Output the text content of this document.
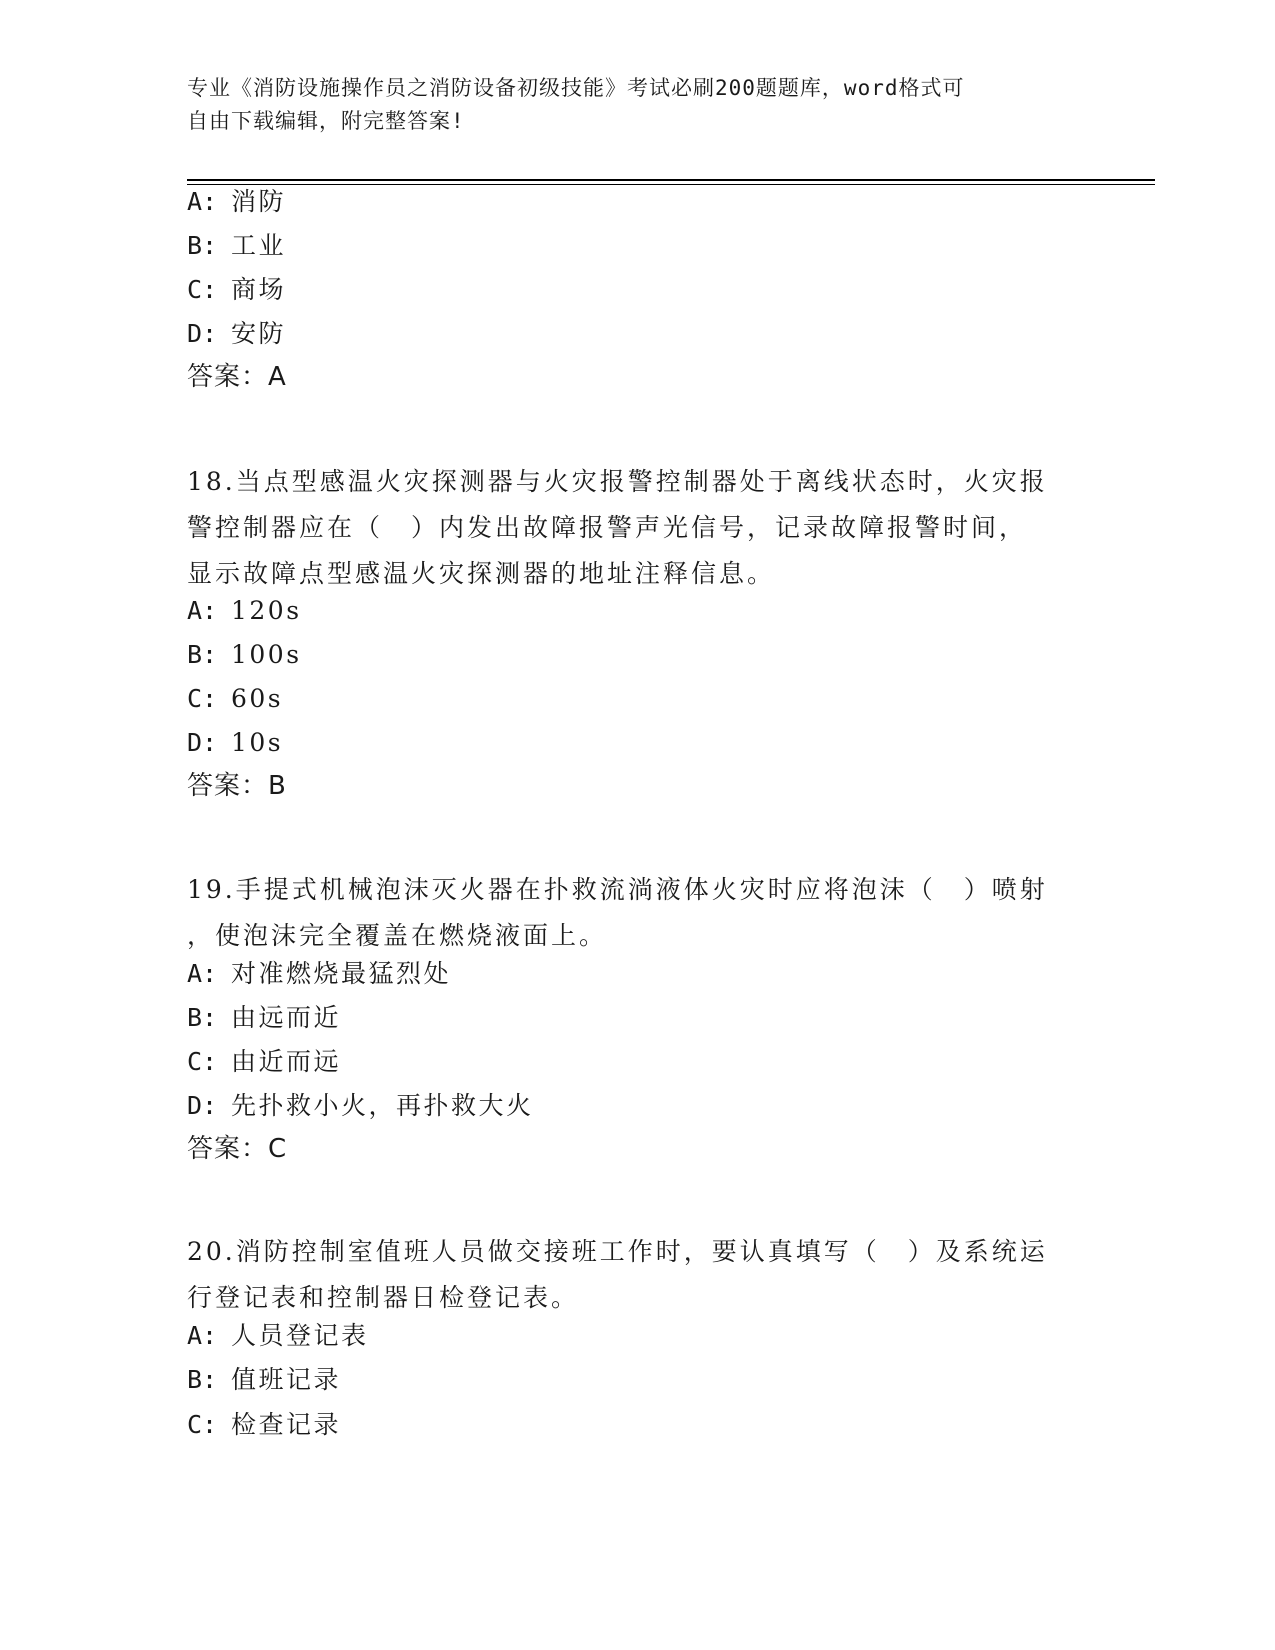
专业《消防设施操作员之消防设备初级技能》考试必刷200题题库，word格式可
自由下载编辑，附完整答案!
A: 消防
B: 工业
C: 商场
D: 安防
答案：A
18.当点型感温火灾探测器与火灾报警控制器处于离线状态时，火灾报
警控制器应在（　）内发出故障报警声光信号，记录故障报警时间，
显示故障点型感温火灾探测器的地址注释信息。
A: 120s
B: 100s
C: 60s
D: 10s
答案：B
19.手提式机械泡沫灭火器在扑救流淌液体火灾时应将泡沫（　）喷射
，使泡沫完全覆盖在燃烧液面上。
A: 对准燃烧最猛烈处
B: 由远而近
C: 由近而远
D: 先扑救小火，再扑救大火
答案：C
20.消防控制室值班人员做交接班工作时，要认真填写（　）及系统运
行登记表和控制器日检登记表。
A: 人员登记表
B: 值班记录
C: 检查记录
